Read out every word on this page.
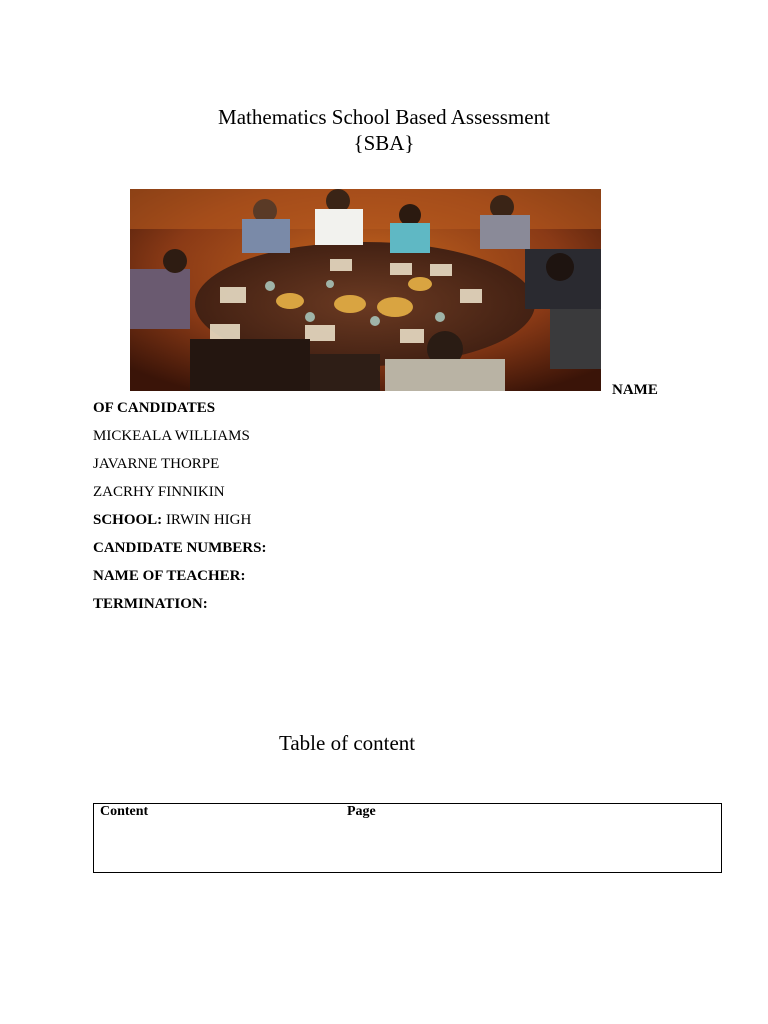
Mathematics School Based Assessment
{SBA}
NAME
OF CANDIDATES
MICKEALA WILLIAMS
JAVARNE THORPE
ZACRHY FINNIKIN
SCHOOL: IRWIN HIGH
CANDIDATE NUMBERS:
NAME OF TEACHER:
TERMINATION:
Table of content
Content	Page
